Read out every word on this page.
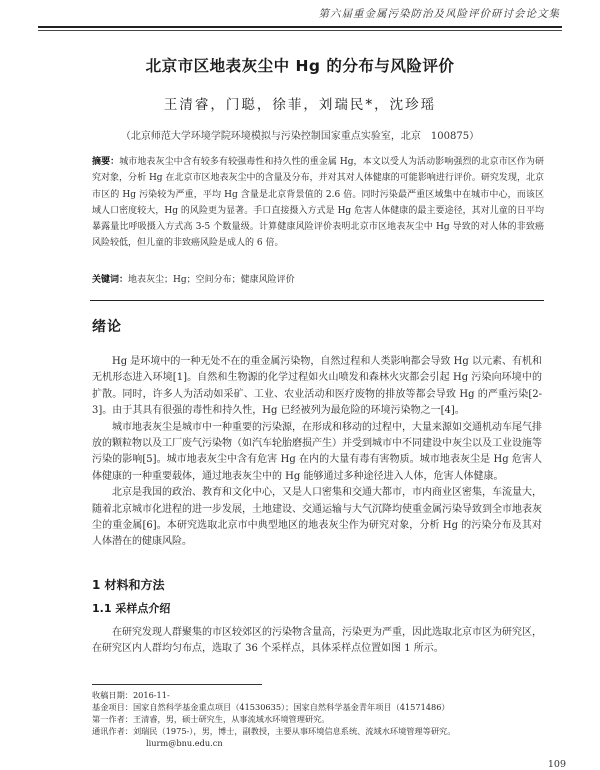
第六届重金属污染防治及风险评价研讨会论文集
北京市区地表灰尘中 Hg 的分布与风险评价
王清睿，门聪，徐菲，刘瑞民*，沈珍瑶
（北京师范大学环境学院环境模拟与污染控制国家重点实验室，北京　100875）
摘要：城市地表灰尘中含有较多有较强毒性和持久性的重金属 Hg，本文以受人为活动影响强烈的北京市区作为研究对象，分析 Hg 在北京市区地表灰尘中的含量及分布，并对其对人体健康的可能影响进行评价。研究发现，北京市区的 Hg 污染较为严重，平均 Hg 含量是北京背景值的 2.6 倍。同时污染最严重区域集中在城市中心，而该区域人口密度较大，Hg 的风险更为显著。手口直接摄入方式是 Hg 危害人体健康的最主要途径，其对儿童的日平均暴露量比呼吸摄入方式高 3-5 个数量级。计算健康风险评价表明北京市区地表灰尘中 Hg 导致的对人体的非致癌风险较低，但儿童的非致癌风险是成人的 6 倍。
关键词：地表灰尘；Hg；空间分布；健康风险评价
绪论

Hg 是环境中的一种无处不在的重金属污染物，自然过程和人类影响都会导致 Hg 以元素、有机和无机形态进入环境[1]。自然和生物源的化学过程如火山喷发和森林火灾都会引起 Hg 污染向环境中的扩散。同时，许多人为活动如采矿、工业、农业活动和医疗废物的排放等都会导致 Hg 的严重污染[2-3]。由于其具有很强的毒性和持久性，Hg 已经被列为最危险的环境污染物之一[4]。

城市地表灰尘是城市中一种重要的污染源，在形成和移动的过程中，大量来源如交通机动车尾气排放的颗粒物以及工厂废气污染物（如汽车轮胎磨损产生）并受到城市中不同建设中灰尘以及工业设施等污染的影响[5]。城市地表灰尘中含有危害 Hg 在内的大量有毒有害物质。城市地表灰尘是 Hg 危害人体健康的一种重要载体，通过地表灰尘中的 Hg 能够通过多种途径进入人体，危害人体健康。

北京是我国的政治、教育和文化中心，又是人口密集和交通大都市，市内商业区密集，车流量大，随着北京城市化进程的进一步发展，土地建设、交通运输与大气沉降均使重金属污染导致到全市地表灰尘的重金属[6]。本研究选取北京市中典型地区的地表灰尘作为研究对象，分析 Hg 的污染分布及其对人体潜在的健康风险。

1 材料和方法
1.1 采样点介绍

在研究发现人群聚集的市区较郊区的污染物含量高，污染更为严重，因此选取北京市区为研究区，在研究区内人群均匀布点，选取了 36 个采样点，具体采样点位置如图 1 所示。

收稿日期：2016-11-
基金项目：国家自然科学基金重点项目（41530635）；国家自然科学基金青年项目（41571486）
第一作者：王清睿，男，硕士研究生，从事流域水环境管理研究。
通讯作者：刘瑞民（1975-），男，博士，副教授，主要从事环境信息系统、流域水环境管理等研究。
liurm@bnu.edu.cn
109
